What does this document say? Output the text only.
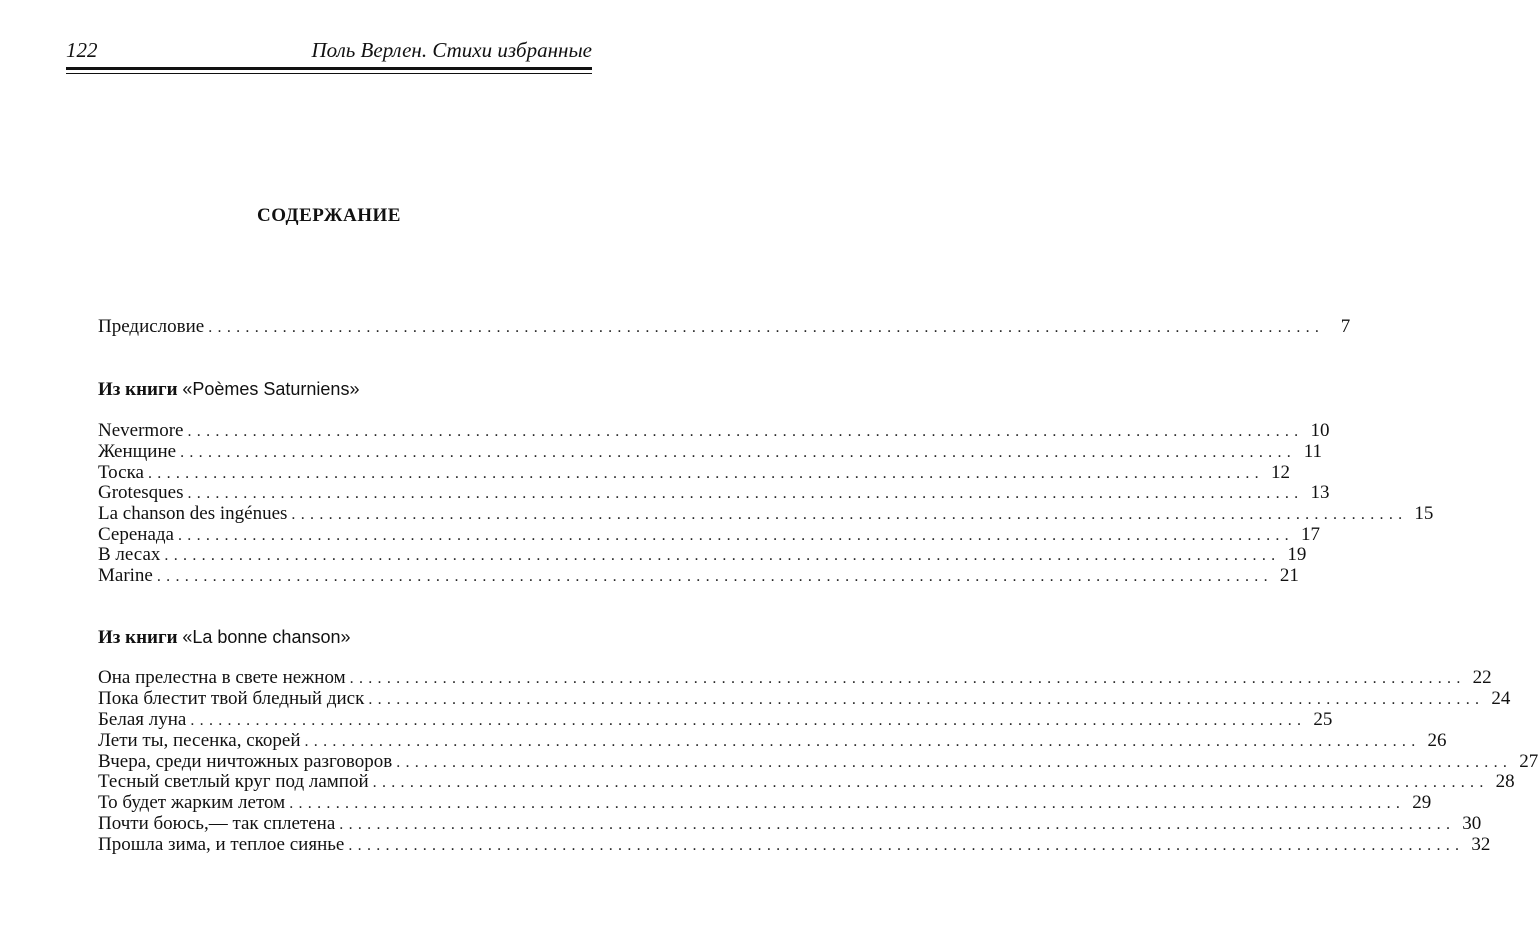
122	Поль Верлен. Стихи избранные
СОДЕРЖАНИЕ
Предисловие ........................................................................................................................ 7
Из книги «Poèmes Saturniens»
Nevermore ........................................................................................................................ 10
Женщине ........................................................................................................................ 11
Тоска ........................................................................................................................ 12
Grotesques ........................................................................................................................ 13
La chanson des ingénues ........................................................................................................................ 15
Серенада ........................................................................................................................ 17
В лесах ........................................................................................................................ 19
Marine ........................................................................................................................ 21
Из книги «La bonne chanson»
Она прелестна в свете нежном ........................................................................................................................ 22
Пока блестит твой бледный диск ........................................................................................................................ 24
Белая луна ........................................................................................................................ 25
Лети ты, песенка, скорей ........................................................................................................................ 26
Вчера, среди ничтожных разговоров ........................................................................................................................ 27
Тесный светлый круг под лампой ........................................................................................................................ 28
То будет жарким летом ........................................................................................................................ 29
Почти боюсь,— так сплетена ........................................................................................................................ 30
Прошла зима, и теплое сиянье ........................................................................................................................ 32
